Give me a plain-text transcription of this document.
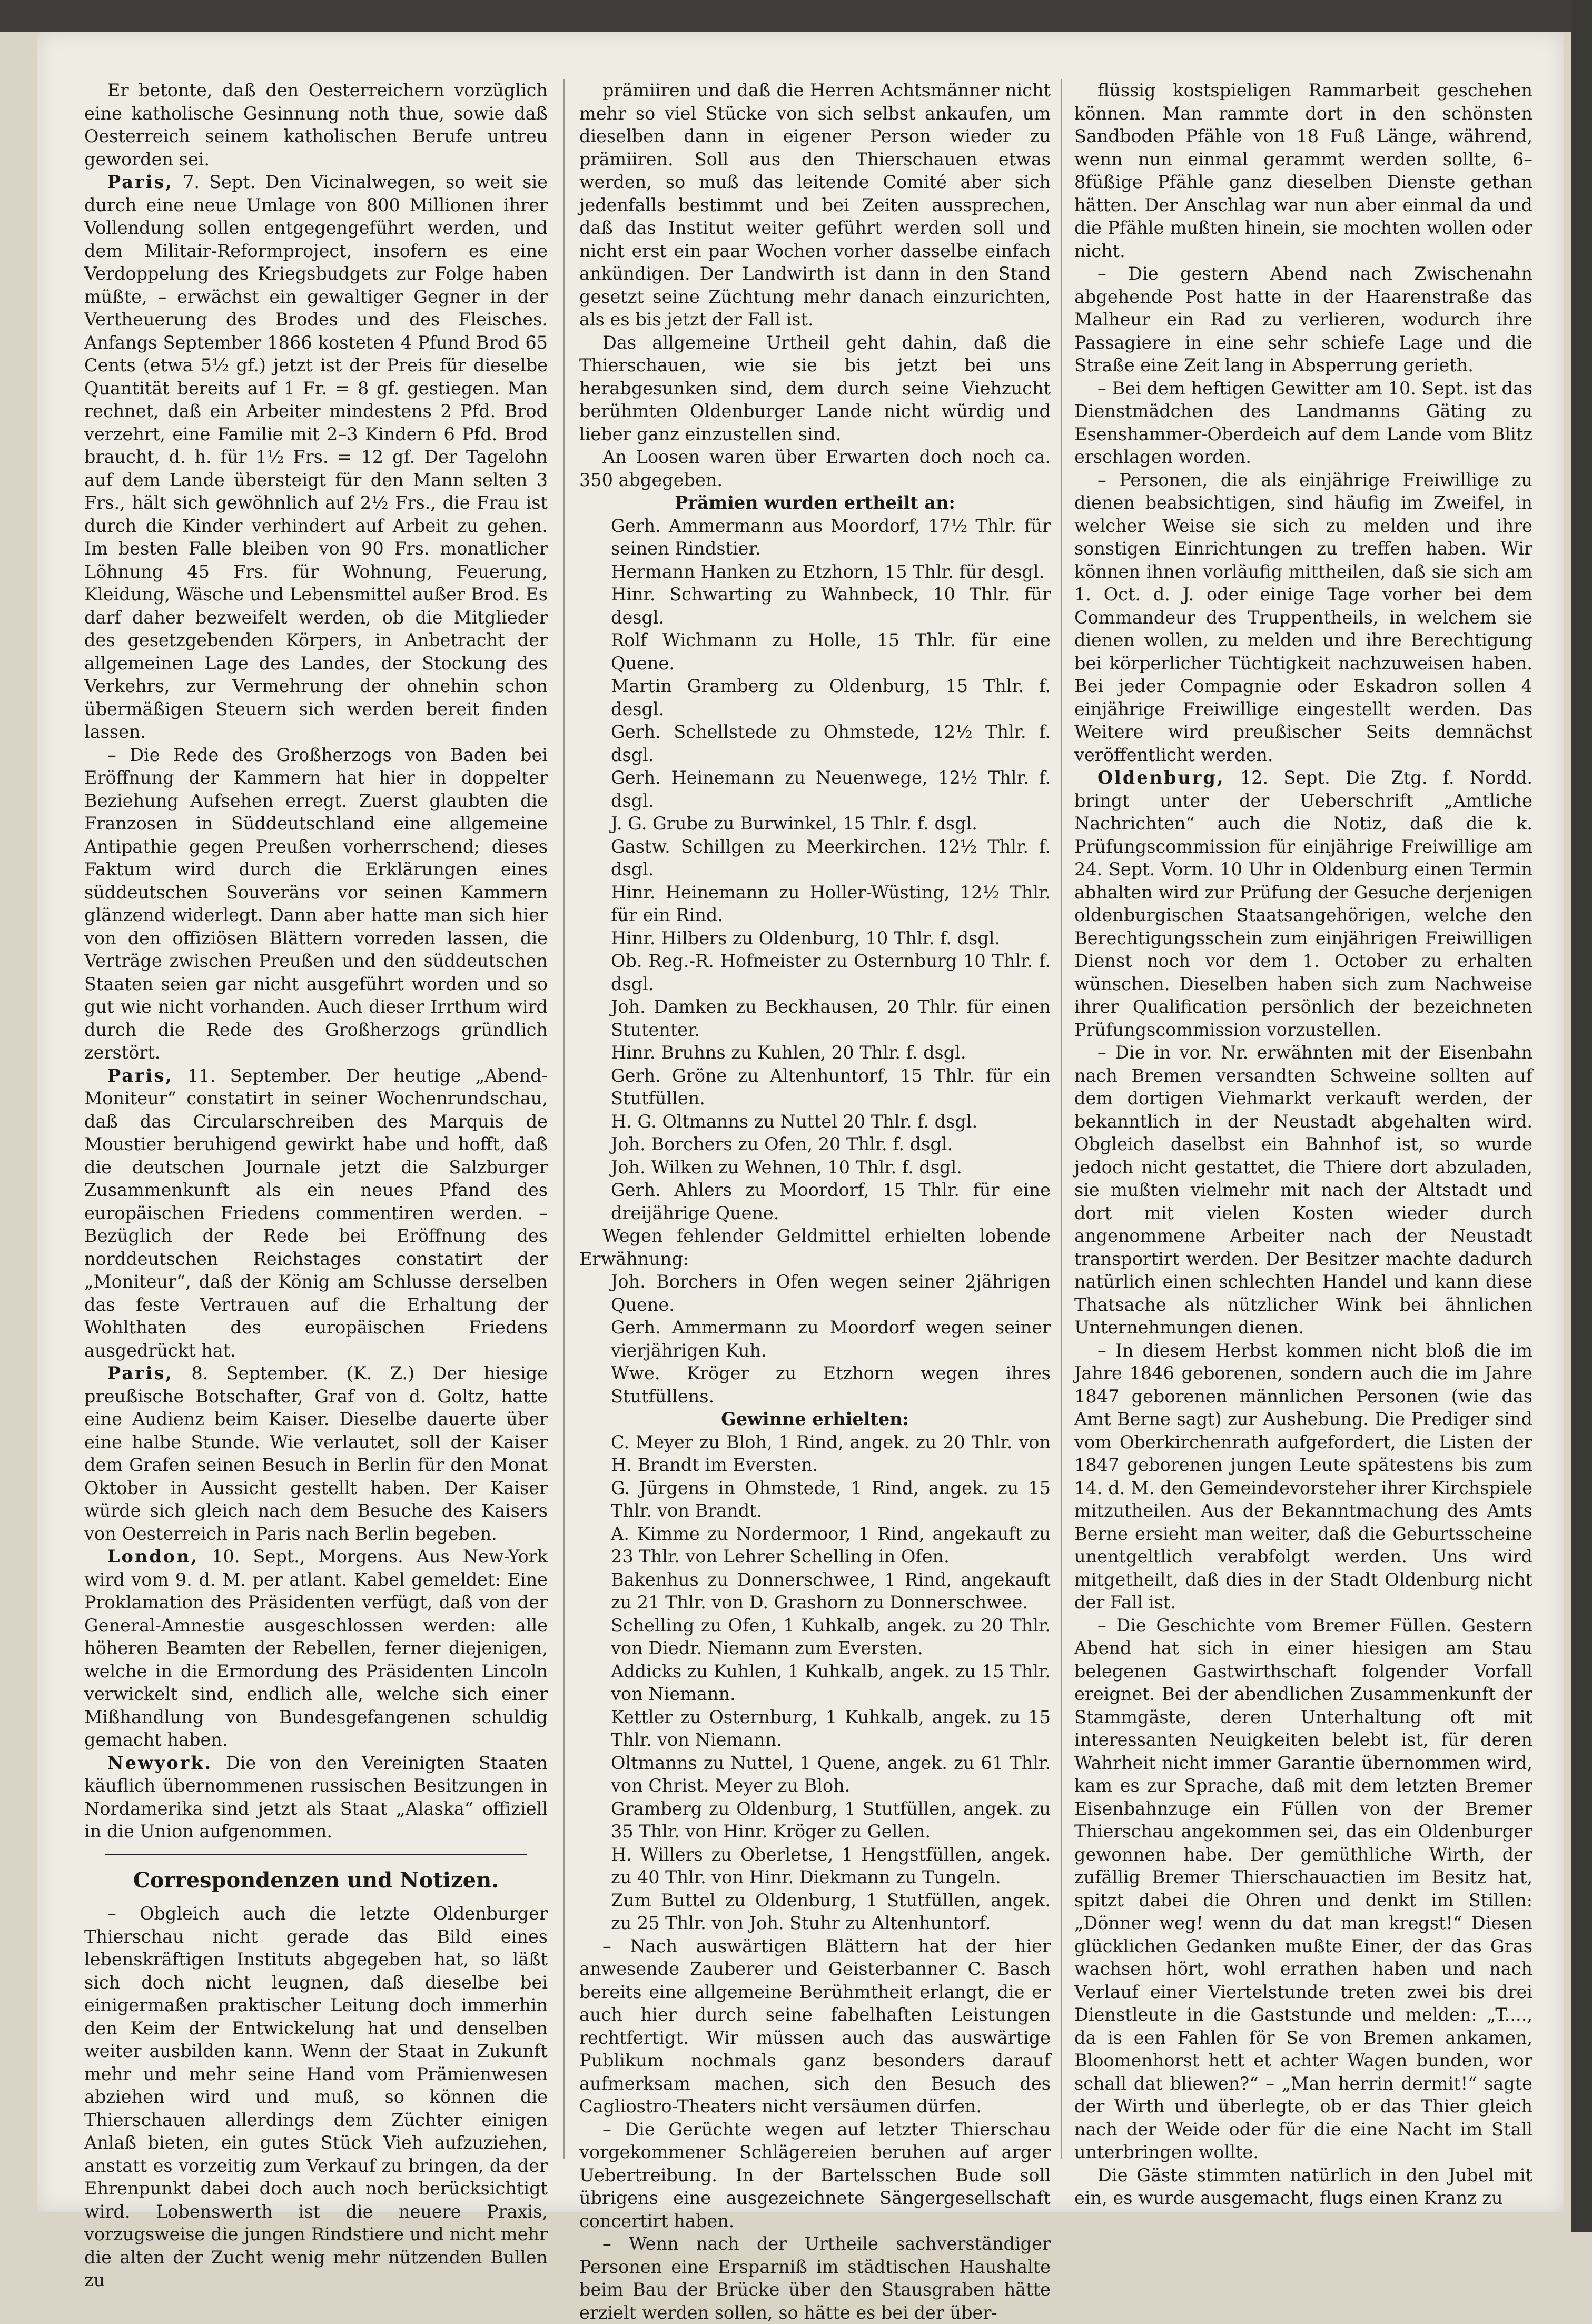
Er betonte, daß den Oesterreichern vorzüglich eine katholische Gesinnung noth thue, sowie daß Oesterreich seinem katholischen Berufe untreu geworden sei.

Paris, 7. Sept. Den Vicinalwegen, so weit sie durch eine neue Umlage von 800 Millionen ihrer Vollendung sollen entgegengeführt werden, und dem Militair-Reformproject, insofern es eine Verdoppelung des Kriegsbudgets zur Folge haben müßte, – erwächst ein gewaltiger Gegner in der Vertheuerung des Brodes und des Fleisches. Anfangs September 1866 kosteten 4 Pfund Brod 65 Cents (etwa 5½ gf.) jetzt ist der Preis für dieselbe Quantität bereits auf 1 Fr. = 8 gf. gestiegen. Man rechnet, daß ein Arbeiter mindestens 2 Pfd. Brod verzehrt, eine Familie mit 2–3 Kindern 6 Pfd. Brod braucht, d. h. für 1½ Frs. = 12 gf. Der Tagelohn auf dem Lande übersteigt für den Mann selten 3 Frs., hält sich gewöhnlich auf 2½ Frs., die Frau ist durch die Kinder verhindert auf Arbeit zu gehen. Im besten Falle bleiben von 90 Frs. monatlicher Löhnung 45 Frs. für Wohnung, Feuerung, Kleidung, Wäsche und Lebensmittel außer Brod. Es darf daher bezweifelt werden, ob die Mitglieder des gesetzgebenden Körpers, in Anbetracht der allgemeinen Lage des Landes, der Stockung des Verkehrs, zur Vermehrung der ohnehin schon übermäßigen Steuern sich werden bereit finden lassen.

– Die Rede des Großherzogs von Baden bei Eröffnung der Kammern hat hier in doppelter Beziehung Aufsehen erregt. Zuerst glaubten die Franzosen in Süddeutschland eine allgemeine Antipathie gegen Preußen vorherrschend; dieses Faktum wird durch die Erklärungen eines süddeutschen Souveräns vor seinen Kammern glänzend widerlegt. Dann aber hatte man sich hier von den offiziösen Blättern vorreden lassen, die Verträge zwischen Preußen und den süddeutschen Staaten seien gar nicht ausgeführt worden und so gut wie nicht vorhanden. Auch dieser Irrthum wird durch die Rede des Großherzogs gründlich zerstört.

Paris, 11. September. Der heutige „Abend-Moniteur“ constatirt in seiner Wochenrundschau, daß das Circularschreiben des Marquis de Moustier beruhigend gewirkt habe und hofft, daß die deutschen Journale jetzt die Salzburger Zusammenkunft als ein neues Pfand des europäischen Friedens commentiren werden. – Bezüglich der Rede bei Eröffnung des norddeutschen Reichstages constatirt der „Moniteur“, daß der König am Schlusse derselben das feste Vertrauen auf die Erhaltung der Wohlthaten des europäischen Friedens ausgedrückt hat.

Paris, 8. September. (K. Z.) Der hiesige preußische Botschafter, Graf von d. Goltz, hatte eine Audienz beim Kaiser. Dieselbe dauerte über eine halbe Stunde. Wie verlautet, soll der Kaiser dem Grafen seinen Besuch in Berlin für den Monat Oktober in Aussicht gestellt haben. Der Kaiser würde sich gleich nach dem Besuche des Kaisers von Oesterreich in Paris nach Berlin begeben.

London, 10. Sept., Morgens. Aus New-York wird vom 9. d. M. per atlant. Kabel gemeldet: Eine Proklamation des Präsidenten verfügt, daß von der General-Amnestie ausgeschlossen werden: alle höheren Beamten der Rebellen, ferner diejenigen, welche in die Ermordung des Präsidenten Lincoln verwickelt sind, endlich alle, welche sich einer Mißhandlung von Bundesgefangenen schuldig gemacht haben.

Newyork. Die von den Vereinigten Staaten käuflich übernommenen russischen Besitzungen in Nordamerika sind jetzt als Staat „Alaska“ offiziell in die Union aufgenommen.

Correspondenzen und Notizen.

– Obgleich auch die letzte Oldenburger Thierschau nicht gerade das Bild eines lebenskräftigen Instituts abgegeben hat, so läßt sich doch nicht leugnen, daß dieselbe bei einigermaßen praktischer Leitung doch immerhin den Keim der Entwickelung hat und denselben weiter ausbilden kann. Wenn der Staat in Zukunft mehr und mehr seine Hand vom Prämienwesen abziehen wird und muß, so können die Thierschauen allerdings dem Züchter einigen Anlaß bieten, ein gutes Stück Vieh aufzuziehen, anstatt es vorzeitig zum Verkauf zu bringen, da der Ehrenpunkt dabei doch auch noch berücksichtigt wird. Lobenswerth ist die neuere Praxis, vorzugsweise die jungen Rindstiere und nicht mehr die alten der Zucht wenig mehr nützenden Bullen zu

prämiiren und daß die Herren Achtsmänner nicht mehr so viel Stücke von sich selbst ankaufen, um dieselben dann in eigener Person wieder zu prämiiren. Soll aus den Thierschauen etwas werden, so muß das leitende Comité aber sich jedenfalls bestimmt und bei Zeiten aussprechen, daß das Institut weiter geführt werden soll und nicht erst ein paar Wochen vorher dasselbe einfach ankündigen. Der Landwirth ist dann in den Stand gesetzt seine Züchtung mehr danach einzurichten, als es bis jetzt der Fall ist.

Das allgemeine Urtheil geht dahin, daß die Thierschauen, wie sie bis jetzt bei uns herabgesunken sind, dem durch seine Viehzucht berühmten Oldenburger Lande nicht würdig und lieber ganz einzustellen sind.

An Loosen waren über Erwarten doch noch ca. 350 abgegeben.

Prämien wurden ertheilt an:

Gerh. Ammermann aus Moordorf, 17½ Thlr. für seinen Rindstier.

Hermann Hanken zu Etzhorn, 15 Thlr. für desgl.

Hinr. Schwarting zu Wahnbeck, 10 Thlr. für desgl.

Rolf Wichmann zu Holle, 15 Thlr. für eine Quene.

Martin Gramberg zu Oldenburg, 15 Thlr. f. desgl.

Gerh. Schellstede zu Ohmstede, 12½ Thlr. f. dsgl.

Gerh. Heinemann zu Neuenwege, 12½ Thlr. f. dsgl.

J. G. Grube zu Burwinkel, 15 Thlr. f. dsgl.

Gastw. Schillgen zu Meerkirchen. 12½ Thlr. f. dsgl.

Hinr. Heinemann zu Holler-Wüsting, 12½ Thlr. für ein Rind.

Hinr. Hilbers zu Oldenburg, 10 Thlr. f. dsgl.

Ob. Reg.-R. Hofmeister zu Osternburg 10 Thlr. f. dsgl.

Joh. Damken zu Beckhausen, 20 Thlr. für einen Stutenter.

Hinr. Bruhns zu Kuhlen, 20 Thlr. f. dsgl.

Gerh. Gröne zu Altenhuntorf, 15 Thlr. für ein Stutfüllen.

H. G. Oltmanns zu Nuttel 20 Thlr. f. dsgl.

Joh. Borchers zu Ofen, 20 Thlr. f. dsgl.

Joh. Wilken zu Wehnen, 10 Thlr. f. dsgl.

Gerh. Ahlers zu Moordorf, 15 Thlr. für eine dreijährige Quene.

Wegen fehlender Geldmittel erhielten lobende Erwähnung:

Joh. Borchers in Ofen wegen seiner 2jährigen Quene.

Gerh. Ammermann zu Moordorf wegen seiner vierjährigen Kuh.

Wwe. Kröger zu Etzhorn wegen ihres Stutfüllens.

Gewinne erhielten:

C. Meyer zu Bloh, 1 Rind, angek. zu 20 Thlr. von H. Brandt im Eversten.

G. Jürgens in Ohmstede, 1 Rind, angek. zu 15 Thlr. von Brandt.

A. Kimme zu Nordermoor, 1 Rind, angekauft zu 23 Thlr. von Lehrer Schelling in Ofen.

Bakenhus zu Donnerschwee, 1 Rind, angekauft zu 21 Thlr. von D. Grashorn zu Donnerschwee.

Schelling zu Ofen, 1 Kuhkalb, angek. zu 20 Thlr. von Diedr. Niemann zum Eversten.

Addicks zu Kuhlen, 1 Kuhkalb, angek. zu 15 Thlr. von Niemann.

Kettler zu Osternburg, 1 Kuhkalb, angek. zu 15 Thlr. von Niemann.

Oltmanns zu Nuttel, 1 Quene, angek. zu 61 Thlr. von Christ. Meyer zu Bloh.

Gramberg zu Oldenburg, 1 Stutfüllen, angek. zu 35 Thlr. von Hinr. Kröger zu Gellen.

H. Willers zu Oberletse, 1 Hengstfüllen, angek. zu 40 Thlr. von Hinr. Diekmann zu Tungeln.

Zum Buttel zu Oldenburg, 1 Stutfüllen, angek. zu 25 Thlr. von Joh. Stuhr zu Altenhuntorf.

– Nach auswärtigen Blättern hat der hier anwesende Zauberer und Geisterbanner C. Basch bereits eine allgemeine Berühmtheit erlangt, die er auch hier durch seine fabelhaften Leistungen rechtfertigt. Wir müssen auch das auswärtige Publikum nochmals ganz besonders darauf aufmerksam machen, sich den Besuch des Cagliostro-Theaters nicht versäumen dürfen.

– Die Gerüchte wegen auf letzter Thierschau vorgekommener Schlägereien beruhen auf arger Uebertreibung. In der Bartelsschen Bude soll übrigens eine ausgezeichnete Sängergesellschaft concertirt haben.

– Wenn nach der Urtheile sachverständiger Personen eine Ersparniß im städtischen Haushalte beim Bau der Brücke über den Stausgraben hätte erzielt werden sollen, so hätte es bei der über-

flüssig kostspieligen Rammarbeit geschehen können. Man rammte dort in den schönsten Sandboden Pfähle von 18 Fuß Länge, während, wenn nun einmal gerammt werden sollte, 6–8füßige Pfähle ganz dieselben Dienste gethan hätten. Der Anschlag war nun aber einmal da und die Pfähle mußten hinein, sie mochten wollen oder nicht.

– Die gestern Abend nach Zwischenahn abgehende Post hatte in der Haarenstraße das Malheur ein Rad zu verlieren, wodurch ihre Passagiere in eine sehr schiefe Lage und die Straße eine Zeit lang in Absperrung gerieth.

– Bei dem heftigen Gewitter am 10. Sept. ist das Dienstmädchen des Landmanns Gäting zu Esenshammer-Oberdeich auf dem Lande vom Blitz erschlagen worden.

– Personen, die als einjährige Freiwillige zu dienen beabsichtigen, sind häufig im Zweifel, in welcher Weise sie sich zu melden und ihre sonstigen Einrichtungen zu treffen haben. Wir können ihnen vorläufig mittheilen, daß sie sich am 1. Oct. d. J. oder einige Tage vorher bei dem Commandeur des Truppentheils, in welchem sie dienen wollen, zu melden und ihre Berechtigung bei körperlicher Tüchtigkeit nachzuweisen haben. Bei jeder Compagnie oder Eskadron sollen 4 einjährige Freiwillige eingestellt werden. Das Weitere wird preußischer Seits demnächst veröffentlicht werden.

Oldenburg, 12. Sept. Die Ztg. f. Nordd. bringt unter der Ueberschrift „Amtliche Nachrichten“ auch die Notiz, daß die k. Prüfungscommission für einjährige Freiwillige am 24. Sept. Vorm. 10 Uhr in Oldenburg einen Termin abhalten wird zur Prüfung der Gesuche derjenigen oldenburgischen Staatsangehörigen, welche den Berechtigungsschein zum einjährigen Freiwilligen Dienst noch vor dem 1. October zu erhalten wünschen. Dieselben haben sich zum Nachweise ihrer Qualification persönlich der bezeichneten Prüfungscommission vorzustellen.

– Die in vor. Nr. erwähnten mit der Eisenbahn nach Bremen versandten Schweine sollten auf dem dortigen Viehmarkt verkauft werden, der bekanntlich in der Neustadt abgehalten wird. Obgleich daselbst ein Bahnhof ist, so wurde jedoch nicht gestattet, die Thiere dort abzuladen, sie mußten vielmehr mit nach der Altstadt und dort mit vielen Kosten wieder durch angenommene Arbeiter nach der Neustadt transportirt werden. Der Besitzer machte dadurch natürlich einen schlechten Handel und kann diese Thatsache als nützlicher Wink bei ähnlichen Unternehmungen dienen.

– In diesem Herbst kommen nicht bloß die im Jahre 1846 geborenen, sondern auch die im Jahre 1847 geborenen männlichen Personen (wie das Amt Berne sagt) zur Aushebung. Die Prediger sind vom Oberkirchenrath aufgefordert, die Listen der 1847 geborenen jungen Leute spätestens bis zum 14. d. M. den Gemeindevorsteher ihrer Kirchspiele mitzutheilen. Aus der Bekanntmachung des Amts Berne ersieht man weiter, daß die Geburtsscheine unentgeltlich verabfolgt werden. Uns wird mitgetheilt, daß dies in der Stadt Oldenburg nicht der Fall ist.

– Die Geschichte vom Bremer Füllen. Gestern Abend hat sich in einer hiesigen am Stau belegenen Gastwirthschaft folgender Vorfall ereignet. Bei der abendlichen Zusammenkunft der Stammgäste, deren Unterhaltung oft mit interessanten Neuigkeiten belebt ist, für deren Wahrheit nicht immer Garantie übernommen wird, kam es zur Sprache, daß mit dem letzten Bremer Eisenbahnzuge ein Füllen von der Bremer Thierschau angekommen sei, das ein Oldenburger gewonnen habe. Der gemüthliche Wirth, der zufällig Bremer Thierschauactien im Besitz hat, spitzt dabei die Ohren und denkt im Stillen: „Dönner weg! wenn du dat man kregst!“ Diesen glücklichen Gedanken mußte Einer, der das Gras wachsen hört, wohl errathen haben und nach Verlauf einer Viertelstunde treten zwei bis drei Dienstleute in die Gaststunde und melden: „T...., da is een Fahlen för Se von Bremen ankamen, Bloomenhorst hett et achter Wagen bunden, wor schall dat bliewen?“ – „Man herrin dermit!“ sagte der Wirth und überlegte, ob er das Thier gleich nach der Weide oder für die eine Nacht im Stall unterbringen wollte.

Die Gäste stimmten natürlich in den Jubel mit ein, es wurde ausgemacht, flugs einen Kranz zu
